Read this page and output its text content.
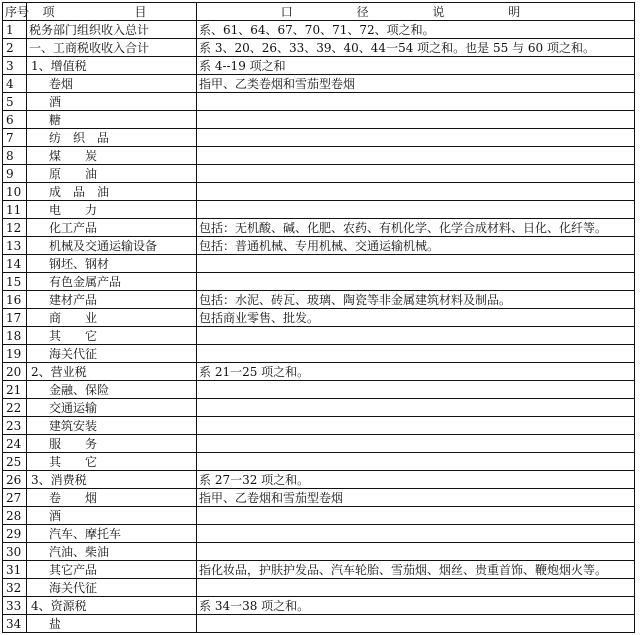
序号	项　目	口 径 说 明
1	税务部门组织收入总计	系、61、64、67、70、71、72、项之和。
2	一、工商税收收入合计	系 3、20、26、33、39、40、44一54 项之和。也是 55 与 60 项之和。
3	1、增值税	系 4--19 项之和
4	卷烟	指甲、乙类卷烟和雪茄型卷烟
5	酒	
6	糖	
7	纺　织　品	
8	煤　　炭	
9	原　　油	
10	成　品　油	
11	电　　力	
12	化工产品	包括：无机酸、碱、化肥、农药、有机化学、化学合成材料、日化、化纤等。
13	机械及交通运输设备	包括：普通机械、专用机械、交通运输机械。
14	钢坯、钢材	
15	有色金属产品	
16	建材产品	包括：水泥、砖瓦、玻璃、陶瓷等非金属建筑材料及制品。
17	商　　业	包括商业零售、批发。
18	其　　它	
19	海关代征	
20	2、营业税	系 21一25 项之和。
21	金融、保险	
22	交通运输	
23	建筑安装	
24	服　　务	
25	其　　它	
26	3、消费税	系 27一32 项之和。
27	卷　　烟	指甲、乙卷烟和雪茄型卷烟
28	酒	
29	汽车、摩托车	
30	汽油、柴油	
31	其它产品	指化妆品，护肤护发品、汽车轮胎、雪茄烟、烟丝、贵重首饰、鞭炮烟火等。
32	海关代征	
33	4、资源税	系 34一38 项之和。
34	盐	
